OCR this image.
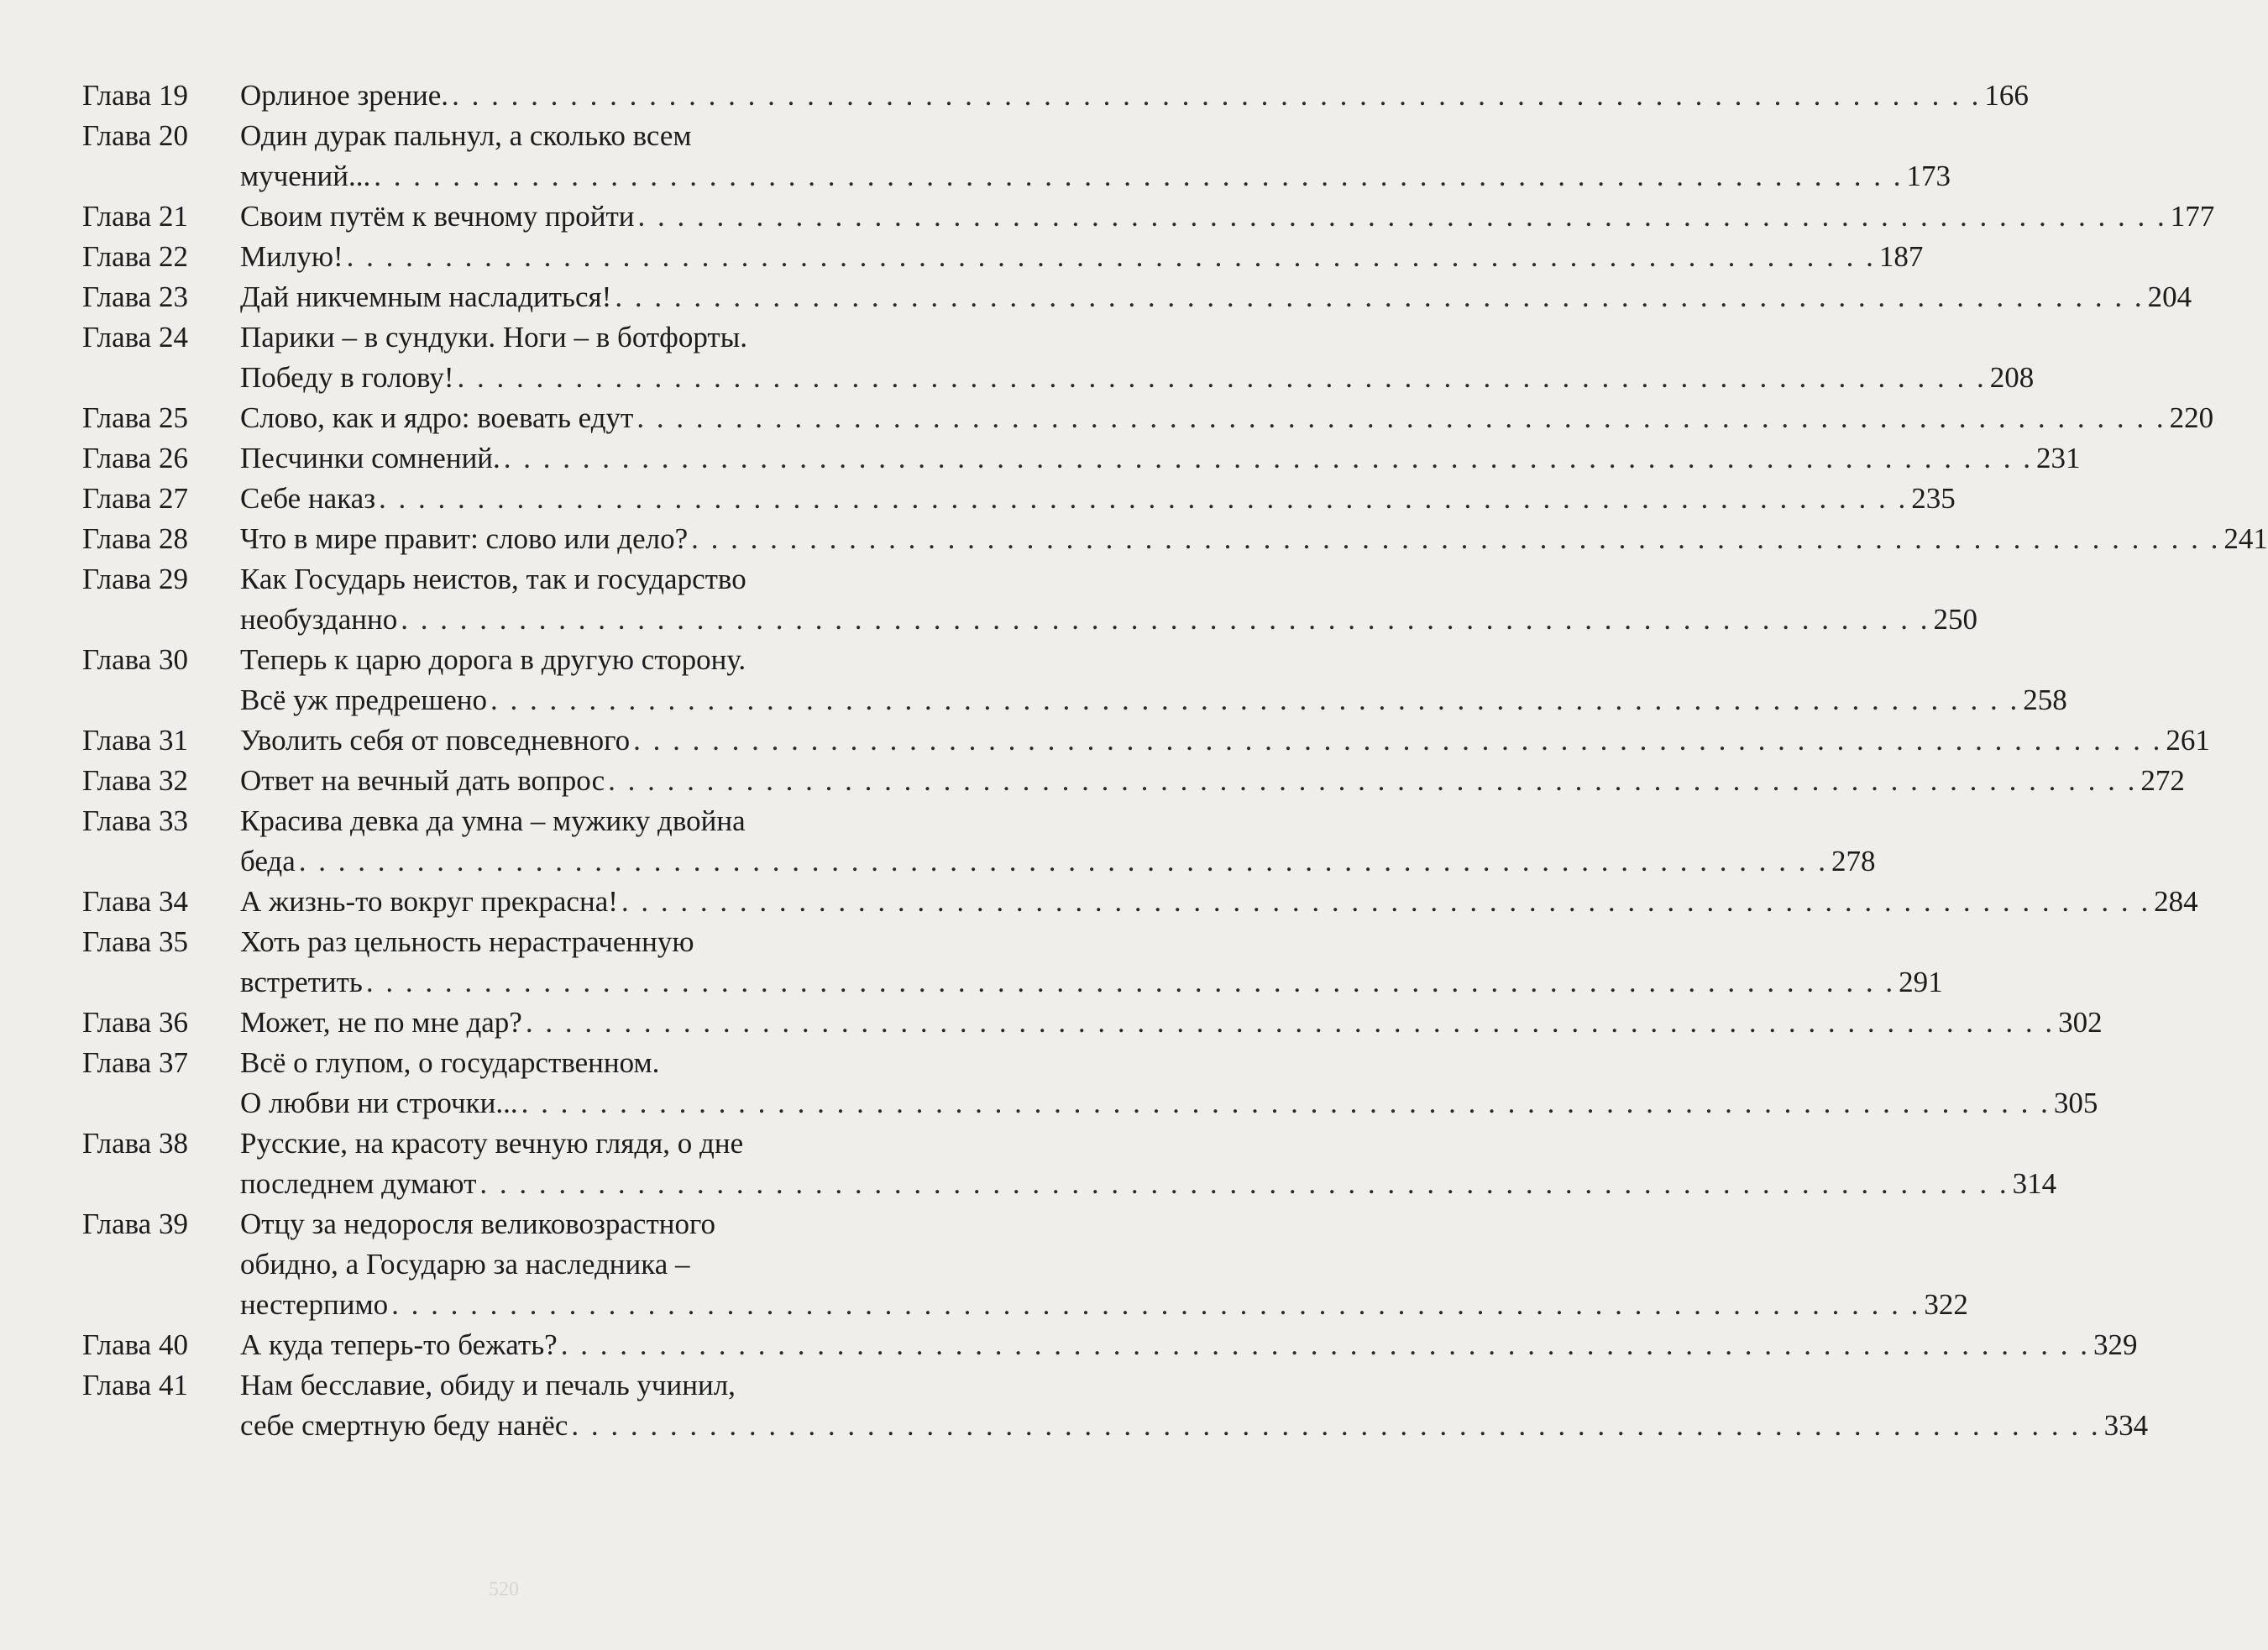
Глава 19	Орлиное зрение. . . .	166
Глава 20	Один дурак пальнул, а сколько всем
мучений... . . .	173
Глава 21	Своим путём к вечному пройти . . .	177
Глава 22	Милую! . . .	187
Глава 23	Дай никчемным насладиться! . . .	204
Глава 24	Парики – в сундуки. Ноги – в ботфорты.
Победу в голову! . . .	208
Глава 25	Слово, как и ядро: воевать едут . . .	220
Глава 26	Песчинки сомнений. . . .	231
Глава 27	Себе наказ . . .	235
Глава 28	Что в мире правит: слово или дело? . . .	241
Глава 29	Как Государь неистов, так и государство
необузданно . . .	250
Глава 30	Теперь к царю дорога в другую сторону.
Всё уж предрешено . . .	258
Глава 31	Уволить себя от повседневного . . .	261
Глава 32	Ответ на вечный дать вопрос . . .	272
Глава 33	Красива девка да умна – мужику двойна
беда . . .	278
Глава 34	А жизнь-то вокруг прекрасна! . . .	284
Глава 35	Хоть раз цельность нерастраченную
встретить . . .	291
Глава 36	Может, не по мне дар? . . .	302
Глава 37	Всё о глупом, о государственном.
О любви ни строчки... . . .	305
Глава 38	Русские, на красоту вечную глядя, о дне
последнем думают . . .	314
Глава 39	Отцу за недоросля великовозрастного
обидно, а Государю за наследника –
нестерпимо . . .	322
Глава 40	А куда теперь-то бежать? . . .	329
Глава 41	Нам бесславие, обиду и печаль учинил,
себе смертную беду нанёс . . .	334
520
